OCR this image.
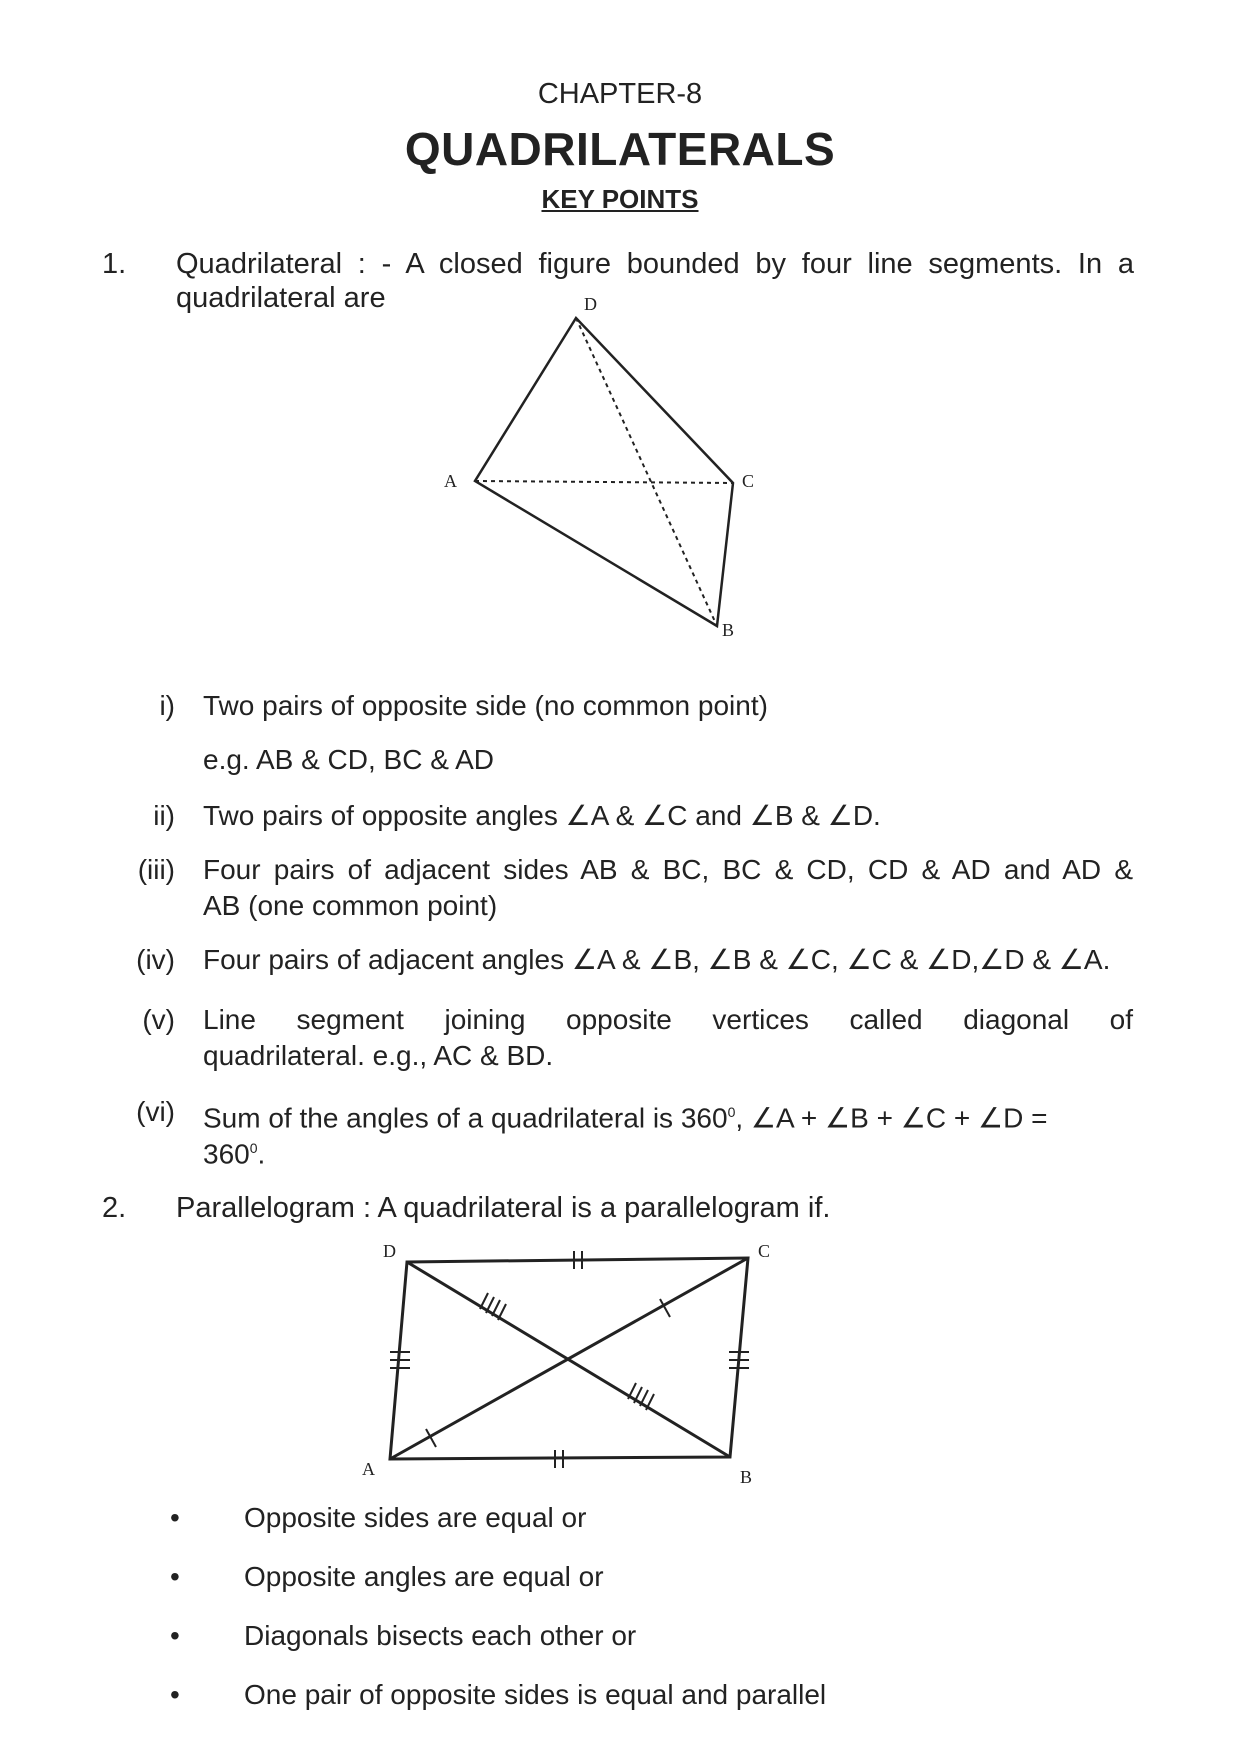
CHAPTER-8
QUADRILATERALS
KEY POINTS
1. Quadrilateral : - A closed figure bounded by four line segments. In a
quadrilateral are	D
A	C
B
i) Two pairs of opposite side (no common point)
e.g. AB & CD, BC & AD
ii) Two pairs of opposite angles ∠A & ∠C and ∠B & ∠D.
(iii) Four pairs of adjacent sides AB & BC, BC & CD, CD & AD and AD &
AB (one common point)
(iv) Four pairs of adjacent angles ∠A & ∠B, ∠B & ∠C, ∠C & ∠D,∠D & ∠A.
(v) Line segment joining opposite vertices called diagonal of
quadrilateral. e.g., AC & BD.
(vi) Sum of the angles of a quadrilateral is $360^0$, ∠A + ∠B + ∠C + ∠D =
$360^0$.
2. Parallelogram : A quadrilateral is a parallelogram if.
D	C
A	B
• Opposite sides are equal or
• Opposite angles are equal or
• Diagonals bisects each other or
• One pair of opposite sides is equal and parallel
